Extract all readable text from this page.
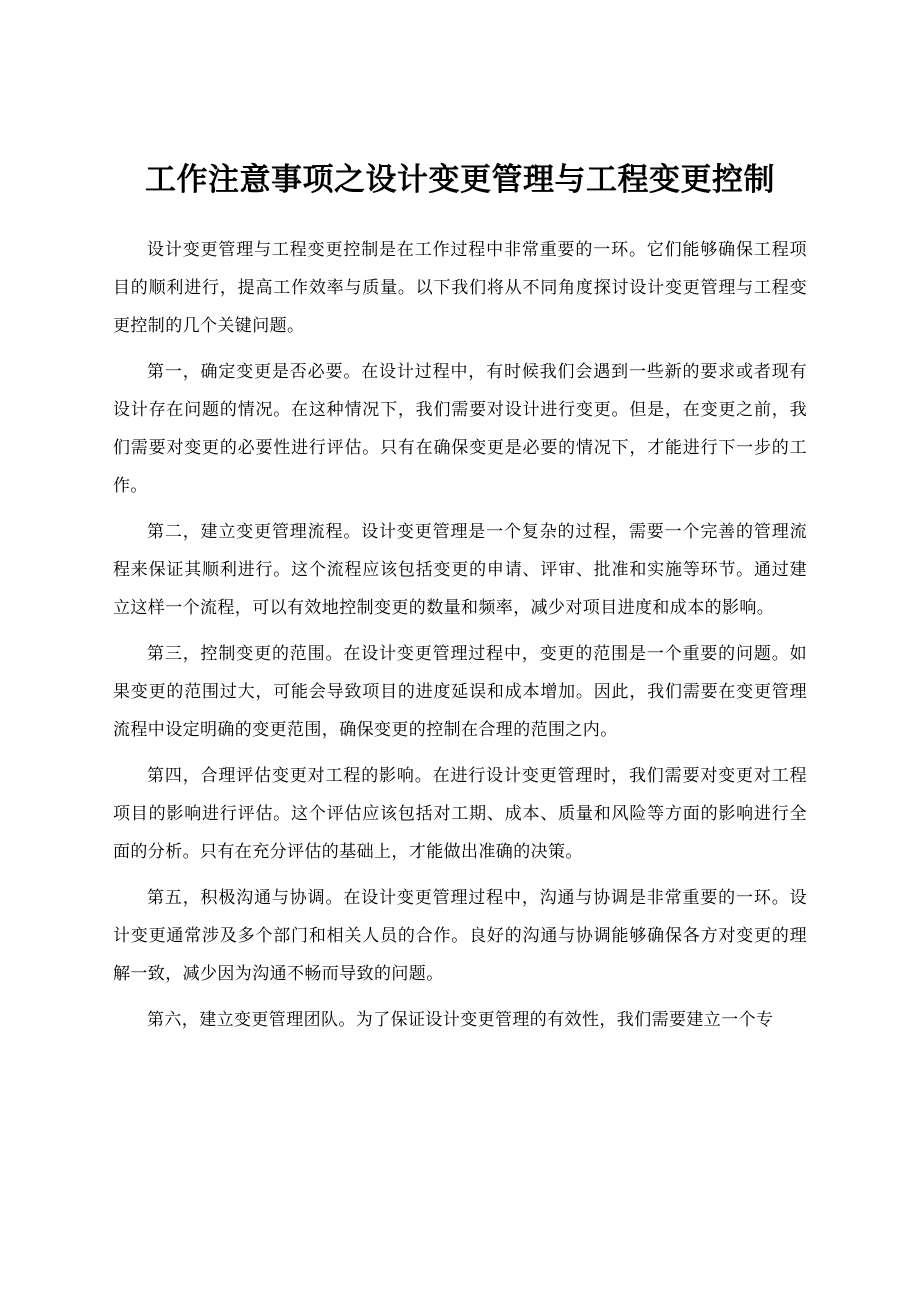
工作注意事项之设计变更管理与工程变更控制

设计变更管理与工程变更控制是在工作过程中非常重要的一环。它们能够确保工程项目的顺利进行，提高工作效率与质量。以下我们将从不同角度探讨设计变更管理与工程变更控制的几个关键问题。

第一，确定变更是否必要。在设计过程中，有时候我们会遇到一些新的要求或者现有设计存在问题的情况。在这种情况下，我们需要对设计进行变更。但是，在变更之前，我们需要对变更的必要性进行评估。只有在确保变更是必要的情况下，才能进行下一步的工作。

第二，建立变更管理流程。设计变更管理是一个复杂的过程，需要一个完善的管理流程来保证其顺利进行。这个流程应该包括变更的申请、评审、批准和实施等环节。通过建立这样一个流程，可以有效地控制变更的数量和频率，减少对项目进度和成本的影响。

第三，控制变更的范围。在设计变更管理过程中，变更的范围是一个重要的问题。如果变更的范围过大，可能会导致项目的进度延误和成本增加。因此，我们需要在变更管理流程中设定明确的变更范围，确保变更的控制在合理的范围之内。

第四，合理评估变更对工程的影响。在进行设计变更管理时，我们需要对变更对工程项目的影响进行评估。这个评估应该包括对工期、成本、质量和风险等方面的影响进行全面的分析。只有在充分评估的基础上，才能做出准确的决策。

第五，积极沟通与协调。在设计变更管理过程中，沟通与协调是非常重要的一环。设计变更通常涉及多个部门和相关人员的合作。良好的沟通与协调能够确保各方对变更的理解一致，减少因为沟通不畅而导致的问题。

第六，建立变更管理团队。为了保证设计变更管理的有效性，我们需要建立一个专
